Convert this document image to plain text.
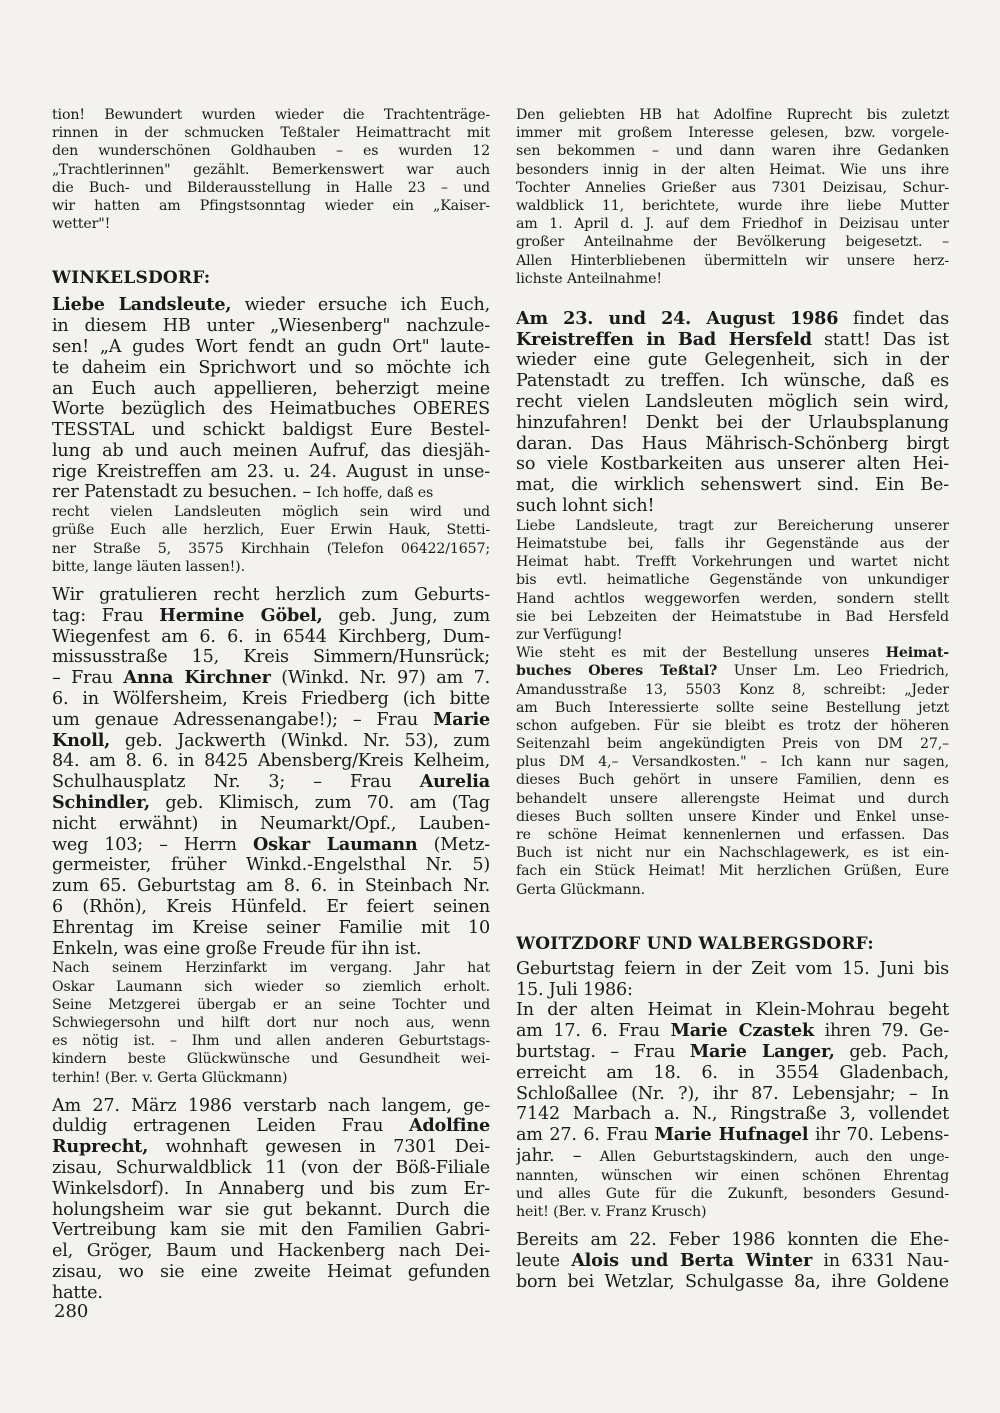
tion! Bewundert wurden wieder die Trachtenträge-
rinnen in der schmucken Teßtaler Heimattracht mit
den wunderschönen Goldhauben – es wurden 12
„Trachtlerinnen" gezählt. Bemerkenswert war auch
die Buch- und Bilderausstellung in Halle 23 – und
wir hatten am Pfingstsonntag wieder ein „Kaiser-
wetter"!
WINKELSDORF:
Liebe Landsleute, wieder ersuche ich Euch,
in diesem HB unter „Wiesenberg" nachzule-
sen! „A gudes Wort fendt an gudn Ort" laute-
te daheim ein Sprichwort und so möchte ich
an Euch auch appellieren, beherzigt meine
Worte bezüglich des Heimatbuches OBERES
TESSTAL und schickt baldigst Eure Bestel-
lung ab und auch meinen Aufruf, das diesjäh-
rige Kreistreffen am 23. u. 24. August in unse-
rer Patenstadt zu besuchen. – Ich hoffe, daß es
recht vielen Landsleuten möglich sein wird und
grüße Euch alle herzlich, Euer Erwin Hauk, Stetti-
ner Straße 5, 3575 Kirchhain (Telefon 06422/1657;
bitte, lange läuten lassen!).
Wir gratulieren recht herzlich zum Geburts-
tag: Frau Hermine Göbel, geb. Jung, zum
Wiegenfest am 6. 6. in 6544 Kirchberg, Dum-
missusstraße 15, Kreis Simmern/Hunsrück;
– Frau Anna Kirchner (Winkd. Nr. 97) am 7.
6. in Wölfersheim, Kreis Friedberg (ich bitte
um genaue Adressenangabe!); – Frau Marie
Knoll, geb. Jackwerth (Winkd. Nr. 53), zum
84. am 8. 6. in 8425 Abensberg/Kreis Kelheim,
Schulhausplatz Nr. 3; – Frau Aurelia
Schindler, geb. Klimisch, zum 70. am (Tag
nicht erwähnt) in Neumarkt/Opf., Lauben-
weg 103; – Herrn Oskar Laumann (Metz-
germeister, früher Winkd.-Engelsthal Nr. 5)
zum 65. Geburtstag am 8. 6. in Steinbach Nr.
6 (Rhön), Kreis Hünfeld. Er feiert seinen
Ehrentag im Kreise seiner Familie mit 10
Enkeln, was eine große Freude für ihn ist.
Nach seinem Herzinfarkt im vergang. Jahr hat
Oskar Laumann sich wieder so ziemlich erholt.
Seine Metzgerei übergab er an seine Tochter und
Schwiegersohn und hilft dort nur noch aus, wenn
es nötig ist. – Ihm und allen anderen Geburtstags-
kindern beste Glückwünsche und Gesundheit wei-
terhin! (Ber. v. Gerta Glückmann)
Am 27. März 1986 verstarb nach langem, ge-
duldig ertragenen Leiden Frau Adolfine
Ruprecht, wohnhaft gewesen in 7301 Dei-
zisau, Schurwaldblick 11 (von der Böß-Filiale
Winkelsdorf). In Annaberg und bis zum Er-
holungsheim war sie gut bekannt. Durch die
Vertreibung kam sie mit den Familien Gabri-
el, Gröger, Baum und Hackenberg nach Dei-
zisau, wo sie eine zweite Heimat gefunden
hatte.
Den geliebten HB hat Adolfine Ruprecht bis zuletzt
immer mit großem Interesse gelesen, bzw. vorgele-
sen bekommen – und dann waren ihre Gedanken
besonders innig in der alten Heimat. Wie uns ihre
Tochter Annelies Grießer aus 7301 Deizisau, Schur-
waldblick 11, berichtete, wurde ihre liebe Mutter
am 1. April d. J. auf dem Friedhof in Deizisau unter
großer Anteilnahme der Bevölkerung beigesetzt. –
Allen Hinterbliebenen übermitteln wir unsere herz-
lichste Anteilnahme!
Am 23. und 24. August 1986 findet das
Kreistreffen in Bad Hersfeld statt! Das ist
wieder eine gute Gelegenheit, sich in der
Patenstadt zu treffen. Ich wünsche, daß es
recht vielen Landsleuten möglich sein wird,
hinzufahren! Denkt bei der Urlaubsplanung
daran. Das Haus Mährisch-Schönberg birgt
so viele Kostbarkeiten aus unserer alten Hei-
mat, die wirklich sehenswert sind. Ein Be-
such lohnt sich!
Liebe Landsleute, tragt zur Bereicherung unserer
Heimatstube bei, falls ihr Gegenstände aus der
Heimat habt. Trefft Vorkehrungen und wartet nicht
bis evtl. heimatliche Gegenstände von unkundiger
Hand achtlos weggeworfen werden, sondern stellt
sie bei Lebzeiten der Heimatstube in Bad Hersfeld
zur Verfügung!
Wie steht es mit der Bestellung unseres Heimat-
buches Oberes Teßtal? Unser Lm. Leo Friedrich,
Amandusstraße 13, 5503 Konz 8, schreibt: „Jeder
am Buch Interessierte sollte seine Bestellung jetzt
schon aufgeben. Für sie bleibt es trotz der höheren
Seitenzahl beim angekündigten Preis von DM 27,–
plus DM 4,– Versandkosten." – Ich kann nur sagen,
dieses Buch gehört in unsere Familien, denn es
behandelt unsere allerengste Heimat und durch
dieses Buch sollten unsere Kinder und Enkel unse-
re schöne Heimat kennenlernen und erfassen. Das
Buch ist nicht nur ein Nachschlagewerk, es ist ein-
fach ein Stück Heimat! Mit herzlichen Grüßen, Eure
Gerta Glückmann.
WOITZDORF UND WALBERGSDORF:
Geburtstag feiern in der Zeit vom 15. Juni bis
15. Juli 1986:
In der alten Heimat in Klein-Mohrau begeht
am 17. 6. Frau Marie Czastek ihren 79. Ge-
burtstag. – Frau Marie Langer, geb. Pach,
erreicht am 18. 6. in 3554 Gladenbach,
Schloßallee (Nr. ?), ihr 87. Lebensjahr; – In
7142 Marbach a. N., Ringstraße 3, vollendet
am 27. 6. Frau Marie Hufnagel ihr 70. Lebens-
jahr. – Allen Geburtstagskindern, auch den unge-
nannten, wünschen wir einen schönen Ehrentag
und alles Gute für die Zukunft, besonders Gesund-
heit! (Ber. v. Franz Krusch)
Bereits am 22. Feber 1986 konnten die Ehe-
leute Alois und Berta Winter in 6331 Nau-
born bei Wetzlar, Schulgasse 8a, ihre Goldene
280
